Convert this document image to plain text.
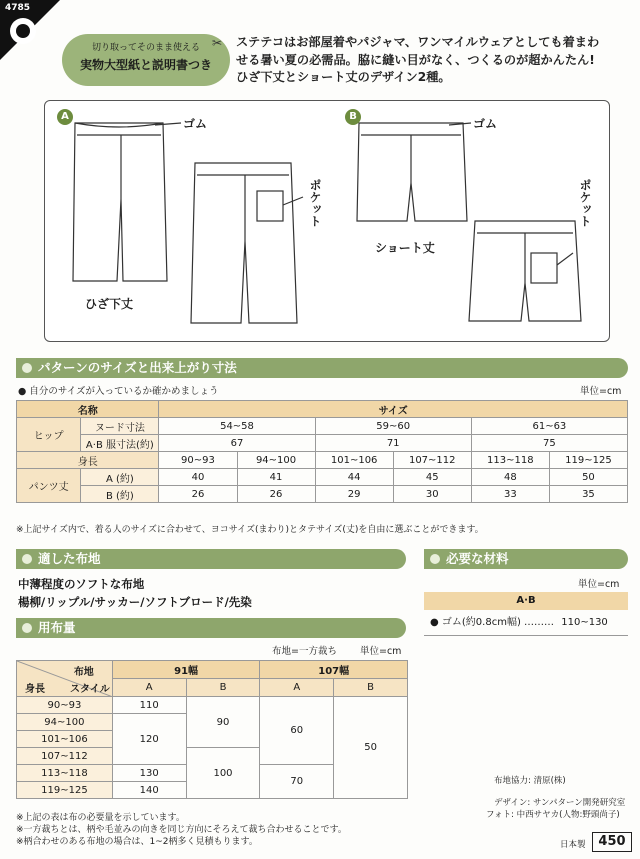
4785
切り取ってそのまま使える
実物大型紙と説明書つき
✂ ステテコはお部屋着やパジャマ、ワンマイルウェアとしても着まわ
せる暑い夏の必需品。脇に縫い目がなく、つくるのが超かんたん!
ひざ下丈とショート丈のデザイン2種。
A	B
ゴム	ゴム
ポケット	ポケット
ひざ下丈
ショート丈
パターンのサイズと出来上がり寸法
● 自分のサイズが入っているか確かめましょう	単位=cm
名称		サイズ					
ヒップ	ヌード寸法	54~58		59~60		61~63	
	A·B 服寸法(約)	67		71		75	
身長		90~93	94~100	101~106	107~112	113~118	119~125
パンツ丈	A (約)	40	41	44	45	48	50
	B (約)	26	26	29	30	33	35
※上記サイズ内で、着る人のサイズに合わせて、ヨコサイズ(まわり)とタテサイズ(丈)を自由に選ぶことができます。
適した布地
中薄程度のソフトな布地
楊柳/リップル/サッカー/ソフトブロード/先染
必要な材料
単位=cm
A·B
● ゴム(約0.8cm幅) ……… 110~130
用布量
布地=一方裁ち 単位=cm
布地
スタイル
身長	91幅		107幅	
	A	B	A	B
90~93	110	90	60	50
94~100	120			
101~106				
107~112		100		
113~118	130		70	
119~125	140			
※上記の表は布の必要量を示しています。
※一方裁ちとは、柄や毛並みの向きを同じ方向にそろえて裁ち合わせることです。
※柄合わせのある布地の場合は、1~2柄多く見積もります。
布地協力: 清原(株)
デザイン: サンパターン開発研究室
フォト: 中西サヤカ(人物:野頭尚子)
日本製 450
